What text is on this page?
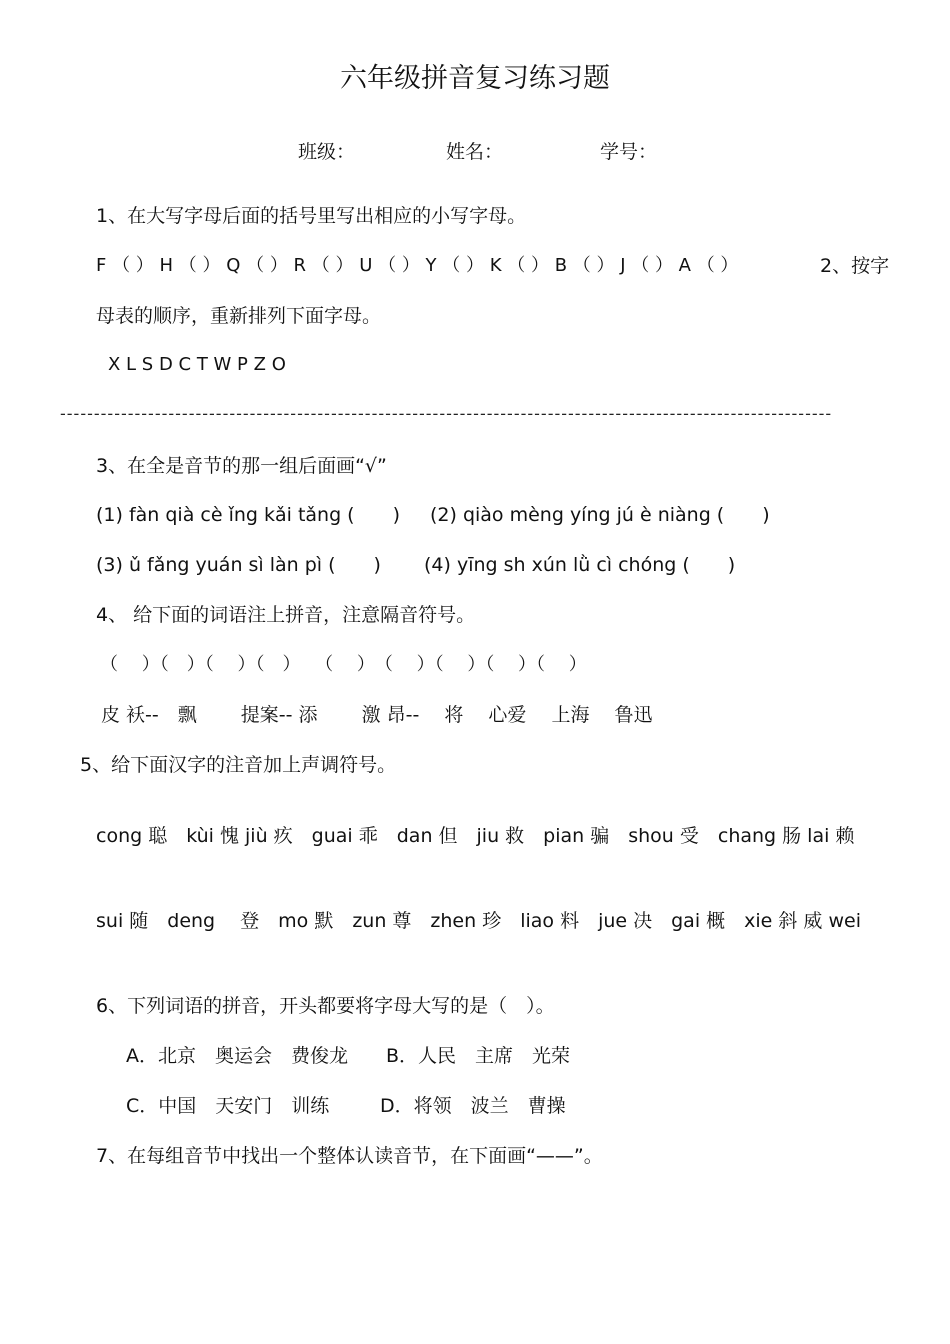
六年级拼音复习练习题
班级：	姓名：	学号：
1、在大写字母后面的括号里写出相应的小写字母。
F （ ） H （ ） Q （ ） R （ ） U （ ） Y （ ） K （ ） B （ ） J （ ） A （ ）	2、按字
母表的顺序，重新排列下面字母。
X L S D C T W P Z O
------------------------------------------------------------------------------------------------------------------
3、在全是音节的那一组后面画“√”
(1) fàn qià cè ǐng kǎi tǎng (　　) (2) qiào mèng yíng jú è niàng (　　)
(3) ǔ fǎng yuán sì làn pì (　　) (4) yīng sh xún lǜ cì chóng (　　)
4、 给下面的词语注上拼音，注意隔音符号。
（　 ）（　）（　 ）（　）　 （　 ）　（　 ）（　 ）（　 ）（　 ）
皮 袄--　飘　　 提案-- 添　　 激 昂--　 将　 心爱　 上海　 鲁迅
5、给下面汉字的注音加上声调符号。
cong 聪　kùi 愧 jiù 疚　guai 乖　dan 但　jiu 救　pian 骗　shou 受　chang 肠 lai 赖
sui 随　deng　 登　mo 默　zun 尊　zhen 珍　liao 料　jue 决　gai 概　xie 斜 威 wei
6、下列词语的拼音，开头都要将字母大写的是（　）。
A．北京　奥运会　费俊龙 B．人民　主席　光荣
C．中国　天安门　训练	D．将领　波兰　曹操
7、在每组音节中找出一个整体认读音节，在下面画“——”。
